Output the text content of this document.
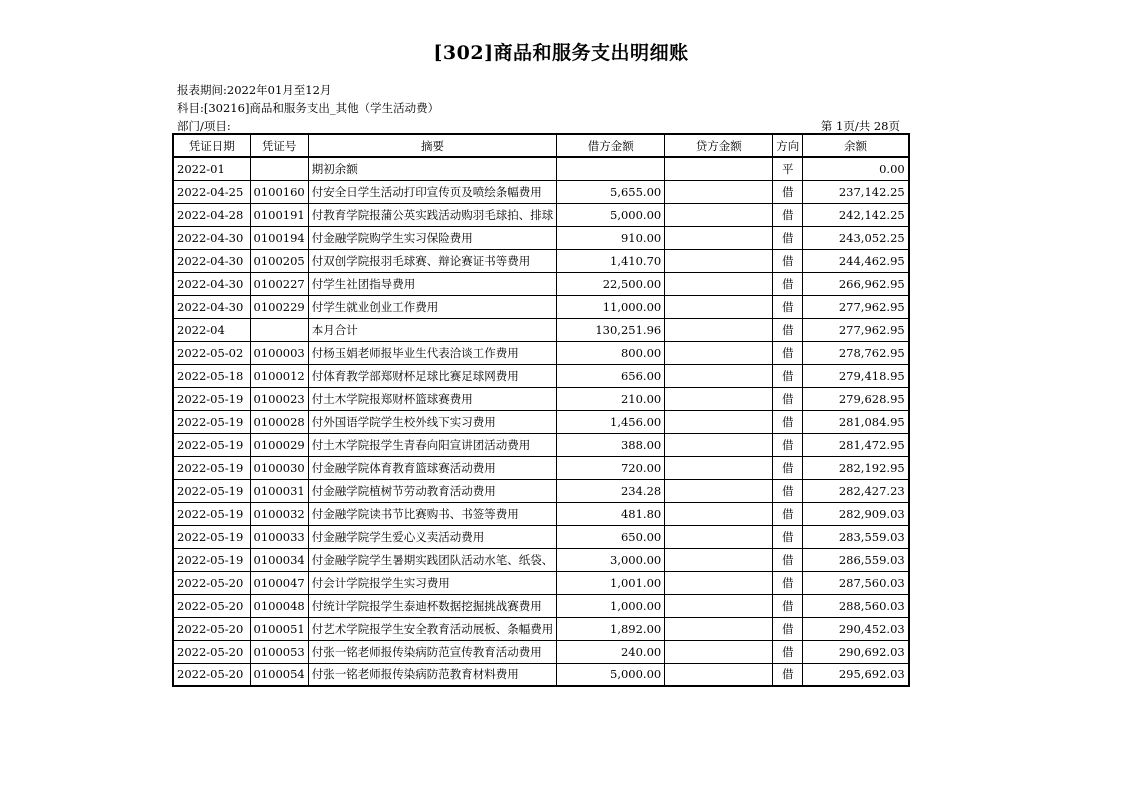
[302]商品和服务支出明细账
报表期间:2022年01月至12月
科目:[30216]商品和服务支出_其他（学生活动费）
部门/项目:	第 1页/共 28页
凭证日期	凭证号	摘要	借方金额	贷方金额	方向	余额
2022-01		期初余额			平	0.00
2022-04-25	0100160	付安全日学生活动打印宣传页及喷绘条幅费用	5,655.00		借	237,142.25
2022-04-28	0100191	付教育学院报蒲公英实践活动购羽毛球拍、排球	5,000.00		借	242,142.25
2022-04-30	0100194	付金融学院购学生实习保险费用	910.00		借	243,052.25
2022-04-30	0100205	付双创学院报羽毛球赛、辩论赛证书等费用	1,410.70		借	244,462.95
2022-04-30	0100227	付学生社团指导费用	22,500.00		借	266,962.95
2022-04-30	0100229	付学生就业创业工作费用	11,000.00		借	277,962.95
2022-04		本月合计	130,251.96		借	277,962.95
2022-05-02	0100003	付杨玉娟老师报毕业生代表洽谈工作费用	800.00		借	278,762.95
2022-05-18	0100012	付体育教学部郑财杯足球比赛足球网费用	656.00		借	279,418.95
2022-05-19	0100023	付土木学院报郑财杯篮球赛费用	210.00		借	279,628.95
2022-05-19	0100028	付外国语学院学生校外线下实习费用	1,456.00		借	281,084.95
2022-05-19	0100029	付土木学院报学生青春向阳宣讲团活动费用	388.00		借	281,472.95
2022-05-19	0100030	付金融学院体育教育篮球赛活动费用	720.00		借	282,192.95
2022-05-19	0100031	付金融学院植树节劳动教育活动费用	234.28		借	282,427.23
2022-05-19	0100032	付金融学院读书节比赛购书、书签等费用	481.80		借	282,909.03
2022-05-19	0100033	付金融学院学生爱心义卖活动费用	650.00		借	283,559.03
2022-05-19	0100034	付金融学院学生暑期实践团队活动水笔、纸袋、	3,000.00		借	286,559.03
2022-05-20	0100047	付会计学院报学生实习费用	1,001.00		借	287,560.03
2022-05-20	0100048	付统计学院报学生泰迪杯数据挖掘挑战赛费用	1,000.00		借	288,560.03
2022-05-20	0100051	付艺术学院报学生安全教育活动展板、条幅费用	1,892.00		借	290,452.03
2022-05-20	0100053	付张一铭老师报传染病防范宣传教育活动费用	240.00		借	290,692.03
2022-05-20	0100054	付张一铭老师报传染病防范教育材料费用	5,000.00		借	295,692.03
